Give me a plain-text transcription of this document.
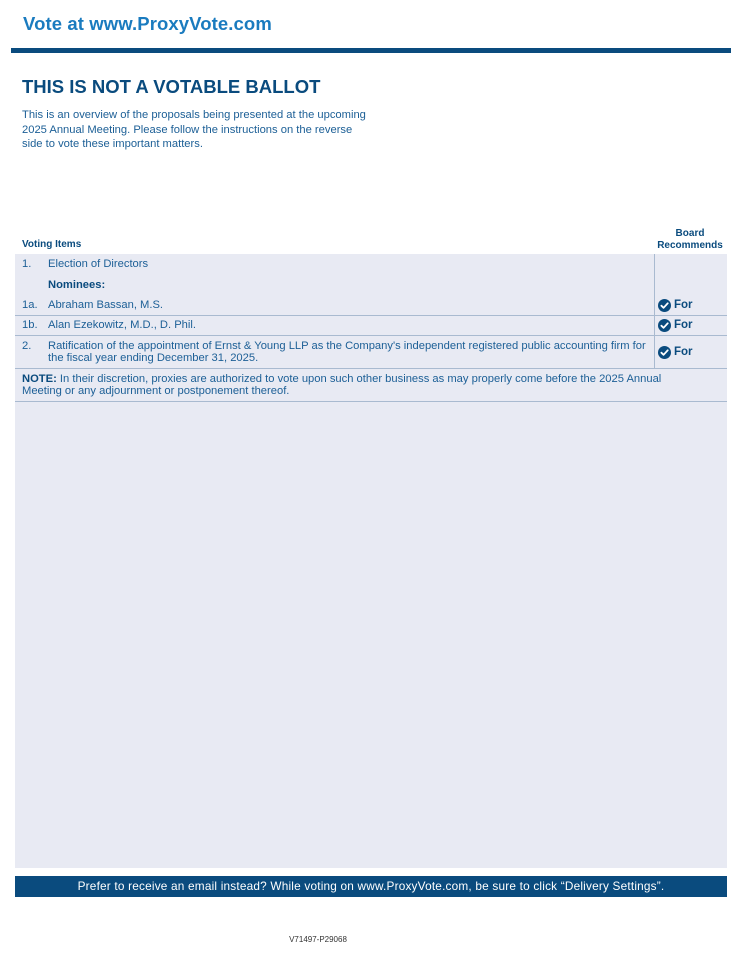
Vote at www.ProxyVote.com
THIS IS NOT A VOTABLE BALLOT
This is an overview of the proposals being presented at the upcoming 2025 Annual Meeting. Please follow the instructions on the reverse side to vote these important matters.
Voting Items
Board
Recommends
1. Election of Directors
Nominees:
1a. Abraham Bassan, M.S.	For
1b. Alan Ezekowitz, M.D., D. Phil.	For
2. Ratification of the appointment of Ernst & Young LLP as the Company's independent registered public accounting firm for the fiscal year ending December 31, 2025.	For
NOTE: In their discretion, proxies are authorized to vote upon such other business as may properly come before the 2025 Annual Meeting or any adjournment or postponement thereof.
Prefer to receive an email instead? While voting on www.ProxyVote.com, be sure to click “Delivery Settings”.
V71497-P29068
